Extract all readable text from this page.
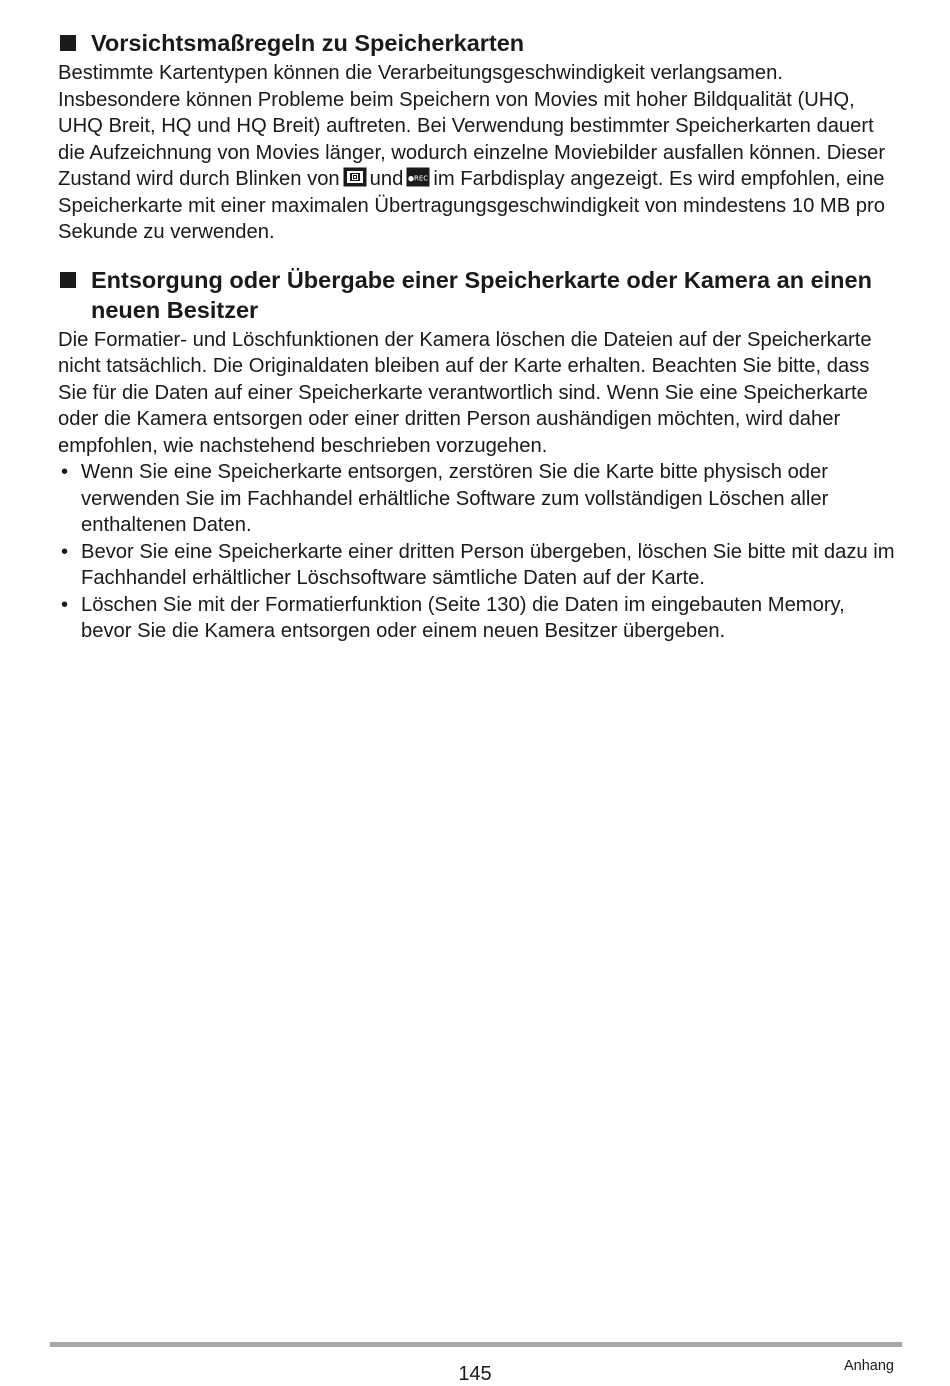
Vorsichtsmaßregeln zu Speicherkarten

Bestimmte Kartentypen können die Verarbeitungsgeschwindigkeit verlangsamen. Insbesondere können Probleme beim Speichern von Movies mit hoher Bildqualität (UHQ, UHQ Breit, HQ und HQ Breit) auftreten. Bei Verwendung bestimmter Speicherkarten dauert die Aufzeichnung von Movies länger, wodurch einzelne Moviebilder ausfallen können. Dieser Zustand wird durch Blinken von und ●REC im Farbdisplay angezeigt. Es wird empfohlen, eine Speicherkarte mit einer maximalen Übertragungsgeschwindigkeit von mindestens 10 MB pro Sekunde zu verwenden.

Entsorgung oder Übergabe einer Speicherkarte oder Kamera an einen neuen Besitzer

Die Formatier- und Löschfunktionen der Kamera löschen die Dateien auf der Speicherkarte nicht tatsächlich. Die Originaldaten bleiben auf der Karte erhalten. Beachten Sie bitte, dass Sie für die Daten auf einer Speicherkarte verantwortlich sind. Wenn Sie eine Speicherkarte oder die Kamera entsorgen oder einer dritten Person aushändigen möchten, wird daher empfohlen, wie nachstehend beschrieben vorzugehen.

• Wenn Sie eine Speicherkarte entsorgen, zerstören Sie die Karte bitte physisch oder verwenden Sie im Fachhandel erhältliche Software zum vollständigen Löschen aller enthaltenen Daten.
• Bevor Sie eine Speicherkarte einer dritten Person übergeben, löschen Sie bitte mit dazu im Fachhandel erhältlicher Löschsoftware sämtliche Daten auf der Karte.
• Löschen Sie mit der Formatierfunktion (Seite 130) die Daten im eingebauten Memory, bevor Sie die Kamera entsorgen oder einem neuen Besitzer übergeben.
145	Anhang
